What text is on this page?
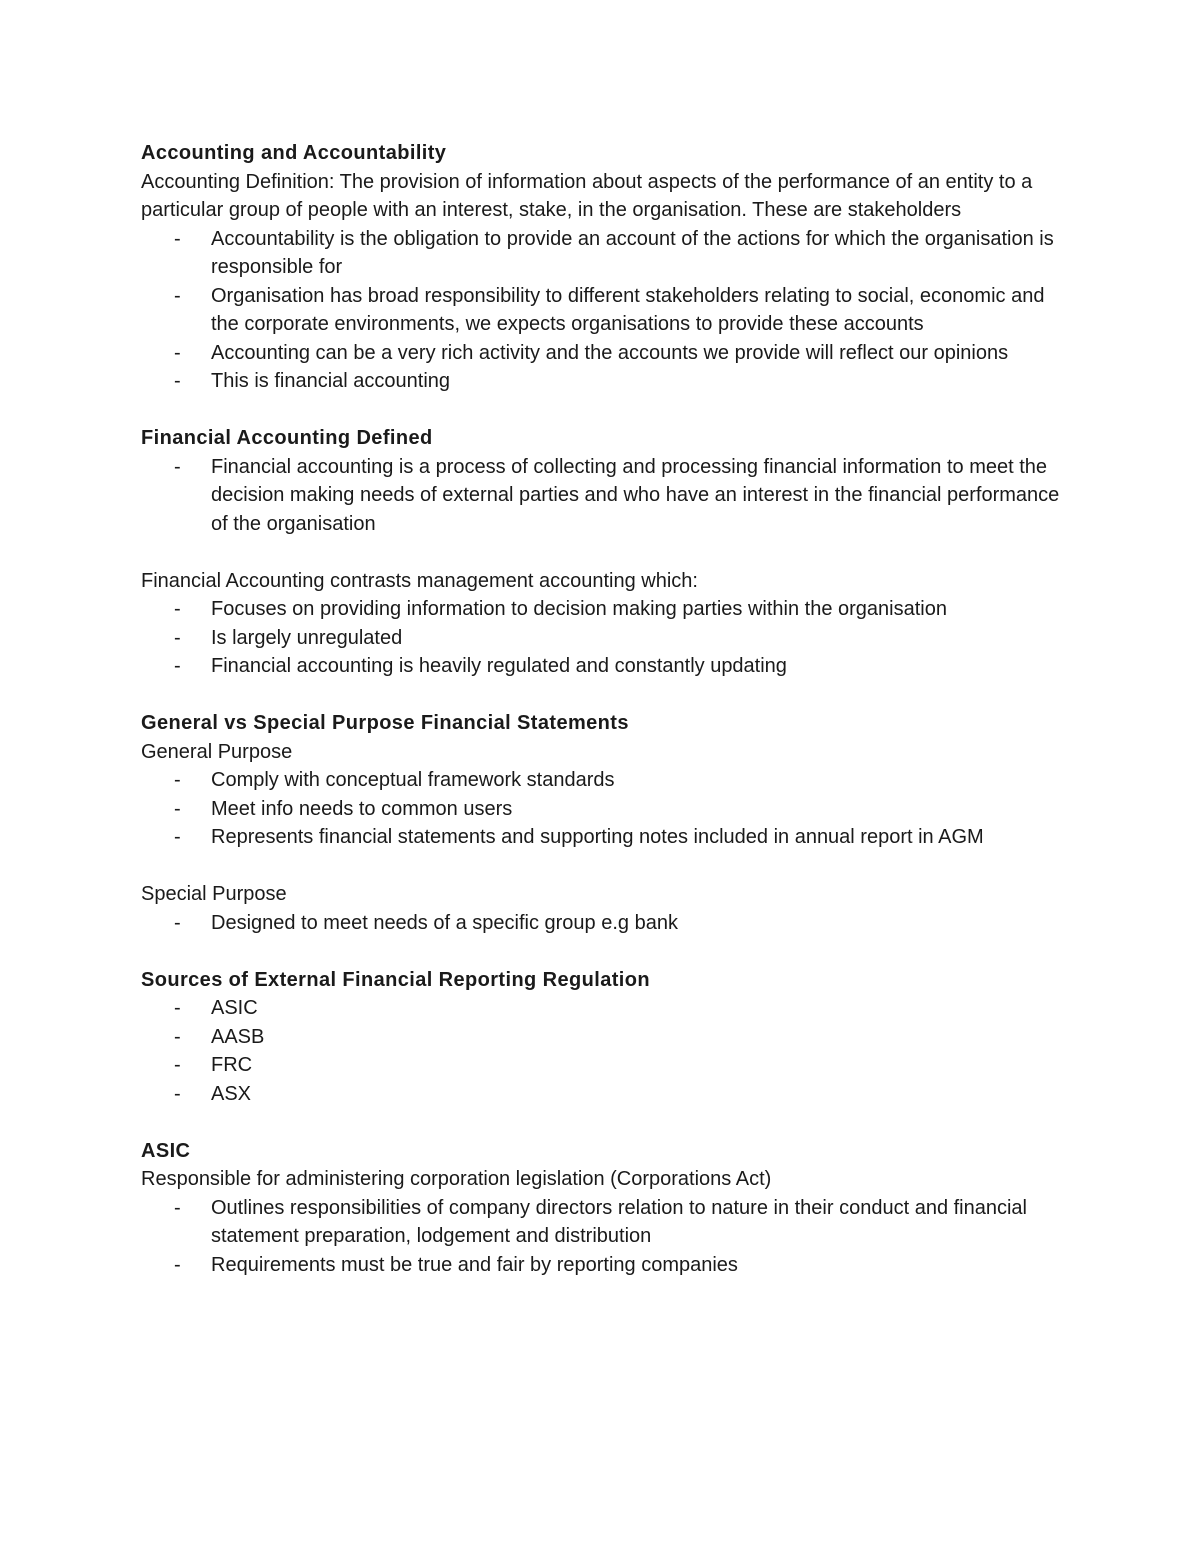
Accounting and Accountability

Accounting Definition: The provision of information about aspects of the performance of an entity to a particular group of people with an interest, stake, in the organisation. These are stakeholders

- Accountability is the obligation to provide an account of the actions for which the organisation is responsible for
- Organisation has broad responsibility to different stakeholders relating to social, economic and the corporate environments, we expects organisations to provide these accounts
- Accounting can be a very rich activity and the accounts we provide will reflect our opinions
- This is financial accounting

Financial Accounting Defined

- Financial accounting is a process of collecting and processing financial information to meet the decision making needs of external parties and who have an interest in the financial performance of the organisation

Financial Accounting contrasts management accounting which:

- Focuses on providing information to decision making parties within the organisation
- Is largely unregulated
- Financial accounting is heavily regulated and constantly updating

General vs Special Purpose Financial Statements

General Purpose

- Comply with conceptual framework standards
- Meet info needs to common users
- Represents financial statements and supporting notes included in annual report in AGM

Special Purpose

- Designed to meet needs of a specific group e.g bank

Sources of External Financial Reporting Regulation

- ASIC
- AASB
- FRC
- ASX

ASIC

Responsible for administering corporation legislation (Corporations Act)

- Outlines responsibilities of company directors relation to nature in their conduct and financial statement preparation, lodgement and distribution
- Requirements must be true and fair by reporting companies
